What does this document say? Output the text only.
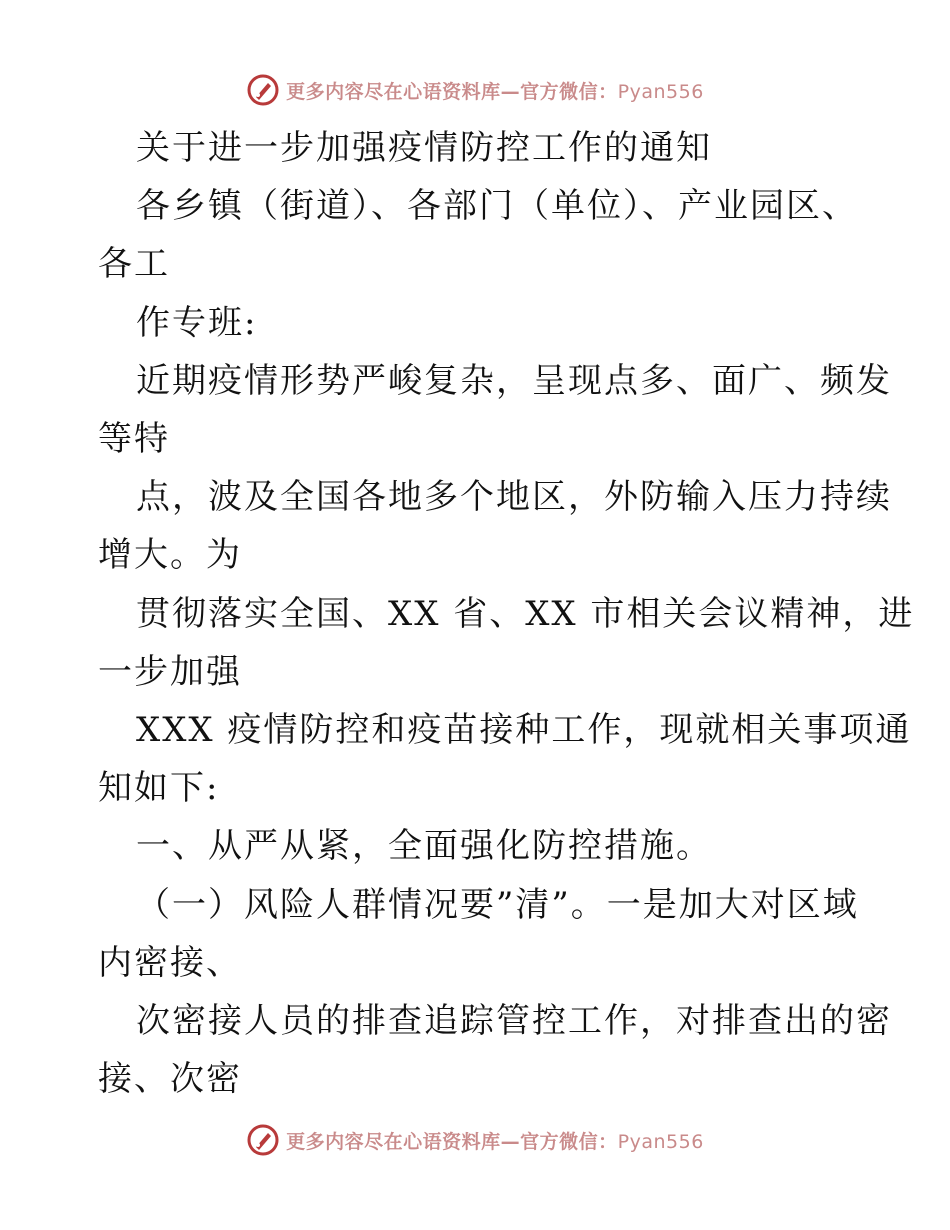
更多内容尽在心语资料库—官方微信：Pyan556
关于进一步加强疫情防控工作的通知
各乡镇（街道）、各部门（单位）、产业园区、
各工
作专班:
近期疫情形势严峻复杂，呈现点多、面广、频发
等特
点，波及全国各地多个地区，外防输入压力持续
增大。为
贯彻落实全国、XX 省、XX 市相关会议精神，进
一步加强
XXX 疫情防控和疫苗接种工作，现就相关事项通
知如下:
一、从严从紧，全面强化防控措施。
（一）风险人群情况要”清”。一是加大对区域
内密接、
次密接人员的排查追踪管控工作，对排查出的密
接、次密
更多内容尽在心语资料库—官方微信：Pyan556
